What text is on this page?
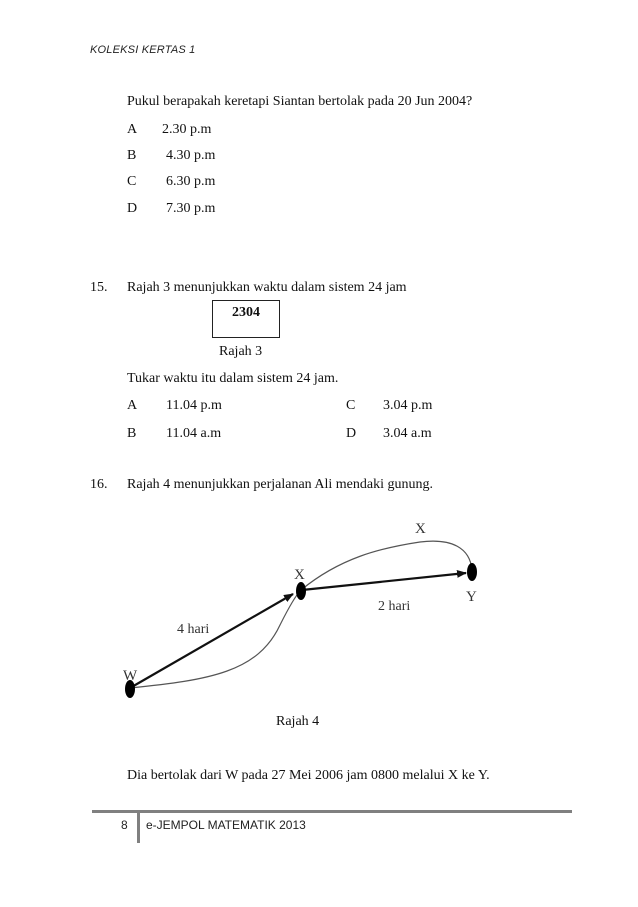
KOLEKSI KERTAS 1
Pukul berapakah keretapi Siantan bertolak pada 20 Jun 2004?
A 2.30 p.m
B 4.30 p.m
C 6.30 p.m
D 7.30 p.m
15. Rajah 3 menunjukkan waktu dalam sistem 24 jam
2304
Rajah 3
Tukar waktu itu dalam sistem 24 jam.
A 11.04 p.m	C 3.04 p.m
B 11.04 a.m	D 3.04 a.m
16. Rajah 4 menunjukkan perjalanan Ali mendaki gunung.
W
X
Y
X
4 hari
2 hari
Rajah 4
Dia bertolak dari W pada 27 Mei 2006 jam 0800 melalui X ke Y.
8 e-JEMPOL MATEMATIK 2013
